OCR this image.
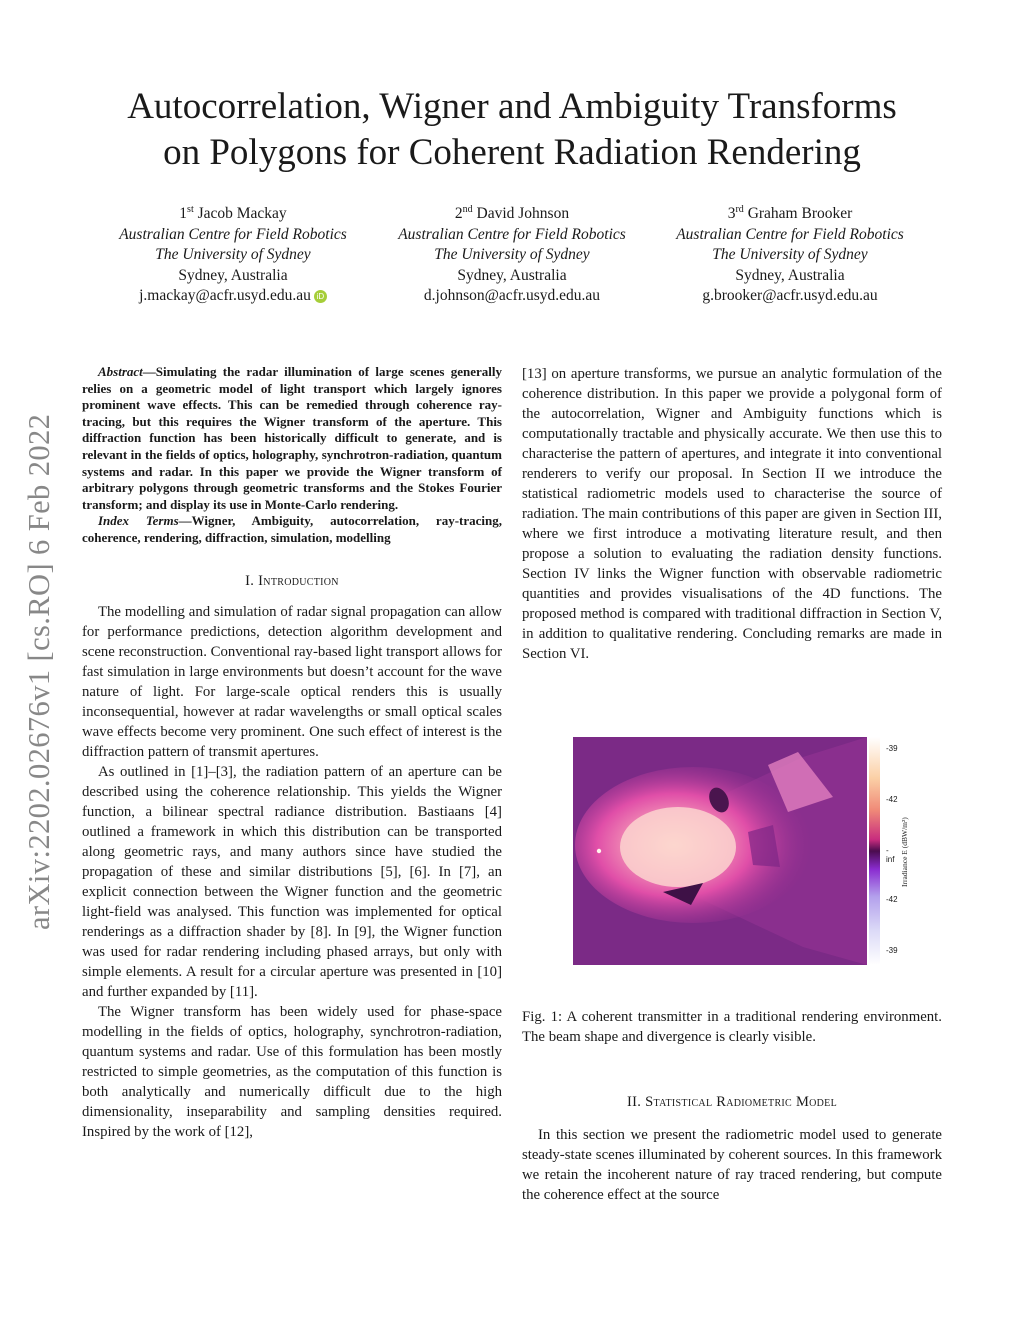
Autocorrelation, Wigner and Ambiguity Transforms
on Polygons for Coherent Radiation Rendering
1st Jacob Mackay
Australian Centre for Field Robotics
The University of Sydney
Sydney, Australia
j.mackay@acfr.usyd.edu.au iD
2nd David Johnson
Australian Centre for Field Robotics
The University of Sydney
Sydney, Australia
d.johnson@acfr.usyd.edu.au
3rd Graham Brooker
Australian Centre for Field Robotics
The University of Sydney
Sydney, Australia
g.brooker@acfr.usyd.edu.au
arXiv:2202.02676v1 [cs.RO] 6 Feb 2022
Abstract—Simulating the radar illumination of large scenes generally relies on a geometric model of light transport which largely ignores prominent wave effects. This can be remedied through coherence ray-tracing, but this requires the Wigner transform of the aperture. This diffraction function has been historically difficult to generate, and is relevant in the fields of optics, holography, synchrotron-radiation, quantum systems and radar. In this paper we provide the Wigner transform of arbitrary polygons through geometric transforms and the Stokes Fourier transform; and display its use in Monte-Carlo rendering.
Index Terms—Wigner, Ambiguity, autocorrelation, ray-tracing, coherence, rendering, diffraction, simulation, modelling
I. Introduction

The modelling and simulation of radar signal propagation can allow for performance predictions, detection algorithm development and scene reconstruction. Conventional ray-based light transport allows for fast simulation in large environments but doesn’t account for the wave nature of light. For large-scale optical renders this is usually inconsequential, however at radar wavelengths or small optical scales wave effects become very prominent. One such effect of interest is the diffraction pattern of transmit apertures.

As outlined in [1]–[3], the radiation pattern of an aperture can be described using the coherence relationship. This yields the Wigner function, a bilinear spectral radiance distribution. Bastiaans [4] outlined a framework in which this distribution can be transported along geometric rays, and many authors since have studied the propagation of these and similar distributions [5], [6]. In [7], an explicit connection between the Wigner function and the geometric light-field was analysed. This function was implemented for optical renderings as a diffraction shader by [8]. In [9], the Wigner function was used for radar rendering including phased arrays, but only with simple elements. A result for a circular aperture was presented in [10] and further expanded by [11].

The Wigner transform has been widely used for phase-space modelling in the fields of optics, holography, synchrotron-radiation, quantum systems and radar. Use of this formulation has been mostly restricted to simple geometries, as the computation of this function is both analytically and numerically difficult due to the high dimensionality, inseparability and sampling densities required. Inspired by the work of [12],

[13] on aperture transforms, we pursue an analytic formulation of the coherence distribution. In this paper we provide a polygonal form of the autocorrelation, Wigner and Ambiguity functions which is computationally tractable and physically accurate. We then use this to characterise the pattern of apertures, and integrate it into conventional renderers to verify our proposal. In Section II we introduce the statistical radiometric models used to characterise the source of radiation. The main contributions of this paper are given in Section III, where we first introduce a motivating literature result, and then propose a solution to evaluating the radiation density functions. Section IV links the Wigner function with observable radiometric quantities and provides visualisations of the 4D functions. The proposed method is compared with traditional diffraction in Section V, in addition to qualitative rendering. Concluding remarks are made in Section VI.

-39
-42
-inf
-42
-39
Irradiance E (dBW/m²)
Fig. 1: A coherent transmitter in a traditional rendering environment. The beam shape and divergence is clearly visible.
II. Statistical Radiometric Model

In this section we present the radiometric model used to generate steady-state scenes illuminated by coherent sources. In this framework we retain the incoherent nature of ray traced rendering, but compute the coherence effect at the source
